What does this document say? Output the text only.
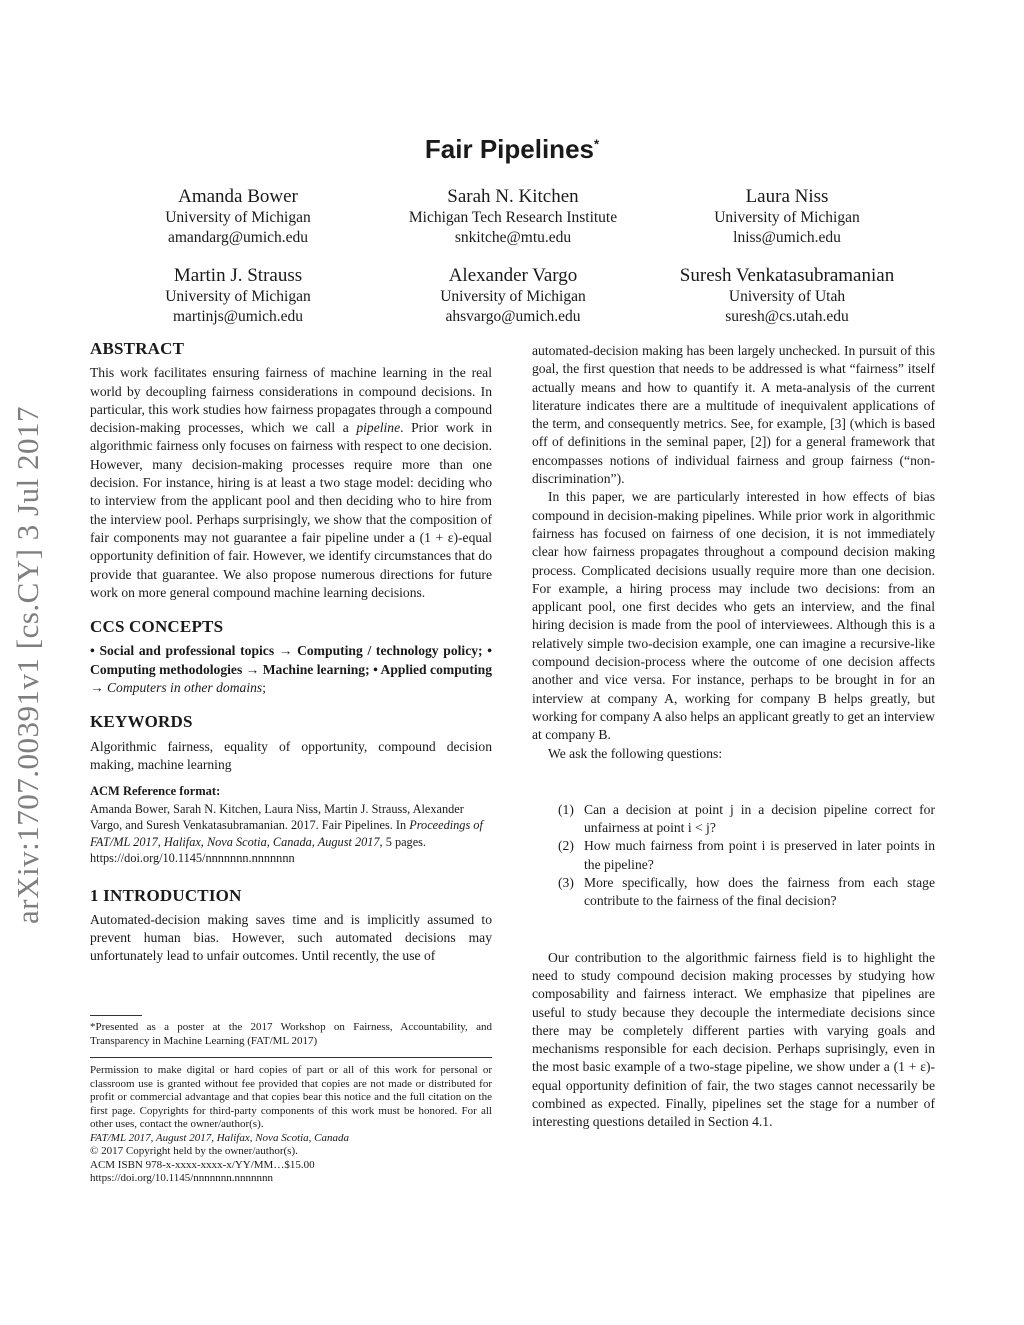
arXiv:1707.00391v1 [cs.CY] 3 Jul 2017
Fair Pipelines*
Amanda Bower
University of Michigan
amandarg@umich.edu
Sarah N. Kitchen
Michigan Tech Research Institute
snkitche@mtu.edu
Laura Niss
University of Michigan
lniss@umich.edu
Martin J. Strauss
University of Michigan
martinjs@umich.edu
Alexander Vargo
University of Michigan
ahsvargo@umich.edu
Suresh Venkatasubramanian
University of Utah
suresh@cs.utah.edu
ABSTRACT

This work facilitates ensuring fairness of machine learning in the real world by decoupling fairness considerations in compound decisions. In particular, this work studies how fairness propagates through a compound decision-making processes, which we call a pipeline. Prior work in algorithmic fairness only focuses on fairness with respect to one decision. However, many decision-making processes require more than one decision. For instance, hiring is at least a two stage model: deciding who to interview from the applicant pool and then deciding who to hire from the interview pool. Perhaps surprisingly, we show that the composition of fair components may not guarantee a fair pipeline under a (1 + ε)-equal opportunity definition of fair. However, we identify circumstances that do provide that guarantee. We also propose numerous directions for future work on more general compound machine learning decisions.

CCS CONCEPTS

• Social and professional topics → Computing / technology policy; • Computing methodologies → Machine learning; • Applied computing → Computers in other domains;

KEYWORDS

Algorithmic fairness, equality of opportunity, compound decision making, machine learning

ACM Reference format:

Amanda Bower, Sarah N. Kitchen, Laura Niss, Martin J. Strauss, Alexander Vargo, and Suresh Venkatasubramanian. 2017. Fair Pipelines. In Proceedings of FAT/ML 2017, Halifax, Nova Scotia, Canada, August 2017, 5 pages.

https://doi.org/10.1145/nnnnnnn.nnnnnnn

1 INTRODUCTION

Automated-decision making saves time and is implicitly assumed to prevent human bias. However, such automated decisions may unfortunately lead to unfair outcomes. Until recently, the use of

*Presented as a poster at the 2017 Workshop on Fairness, Accountability, and Transparency in Machine Learning (FAT/ML 2017)

Permission to make digital or hard copies of part or all of this work for personal or classroom use is granted without fee provided that copies are not made or distributed for profit or commercial advantage and that copies bear this notice and the full citation on the first page. Copyrights for third-party components of this work must be honored. For all other uses, contact the owner/author(s).

FAT/ML 2017, August 2017, Halifax, Nova Scotia, Canada

© 2017 Copyright held by the owner/author(s).

ACM ISBN 978-x-xxxx-xxxx-x/YY/MM…$15.00

https://doi.org/10.1145/nnnnnnn.nnnnnnn

automated-decision making has been largely unchecked. In pursuit of this goal, the first question that needs to be addressed is what “fairness” itself actually means and how to quantify it. A meta-analysis of the current literature indicates there are a multitude of inequivalent applications of the term, and consequently metrics. See, for example, [3] (which is based off of definitions in the seminal paper, [2]) for a general framework that encompasses notions of individual fairness and group fairness (“non-discrimination”).

In this paper, we are particularly interested in how effects of bias compound in decision-making pipelines. While prior work in algorithmic fairness has focused on fairness of one decision, it is not immediately clear how fairness propagates throughout a compound decision making process. Complicated decisions usually require more than one decision. For example, a hiring process may include two decisions: from an applicant pool, one first decides who gets an interview, and the final hiring decision is made from the pool of interviewees. Although this is a relatively simple two-decision example, one can imagine a recursive-like compound decision-process where the outcome of one decision affects another and vice versa. For instance, perhaps to be brought in for an interview at company A, working for company B helps greatly, but working for company A also helps an applicant greatly to get an interview at company B.

We ask the following questions:

(1) Can a decision at point j in a decision pipeline correct for unfairness at point i < j?
(2) How much fairness from point i is preserved in later points in the pipeline?
(3) More specifically, how does the fairness from each stage contribute to the fairness of the final decision?

Our contribution to the algorithmic fairness field is to highlight the need to study compound decision making processes by studying how composability and fairness interact. We emphasize that pipelines are useful to study because they decouple the intermediate decisions since there may be completely different parties with varying goals and mechanisms responsible for each decision. Perhaps suprisingly, even in the most basic example of a two-stage pipeline, we show under a (1 + ε)-equal opportunity definition of fair, the two stages cannot necessarily be combined as expected. Finally, pipelines set the stage for a number of interesting questions detailed in Section 4.1.
